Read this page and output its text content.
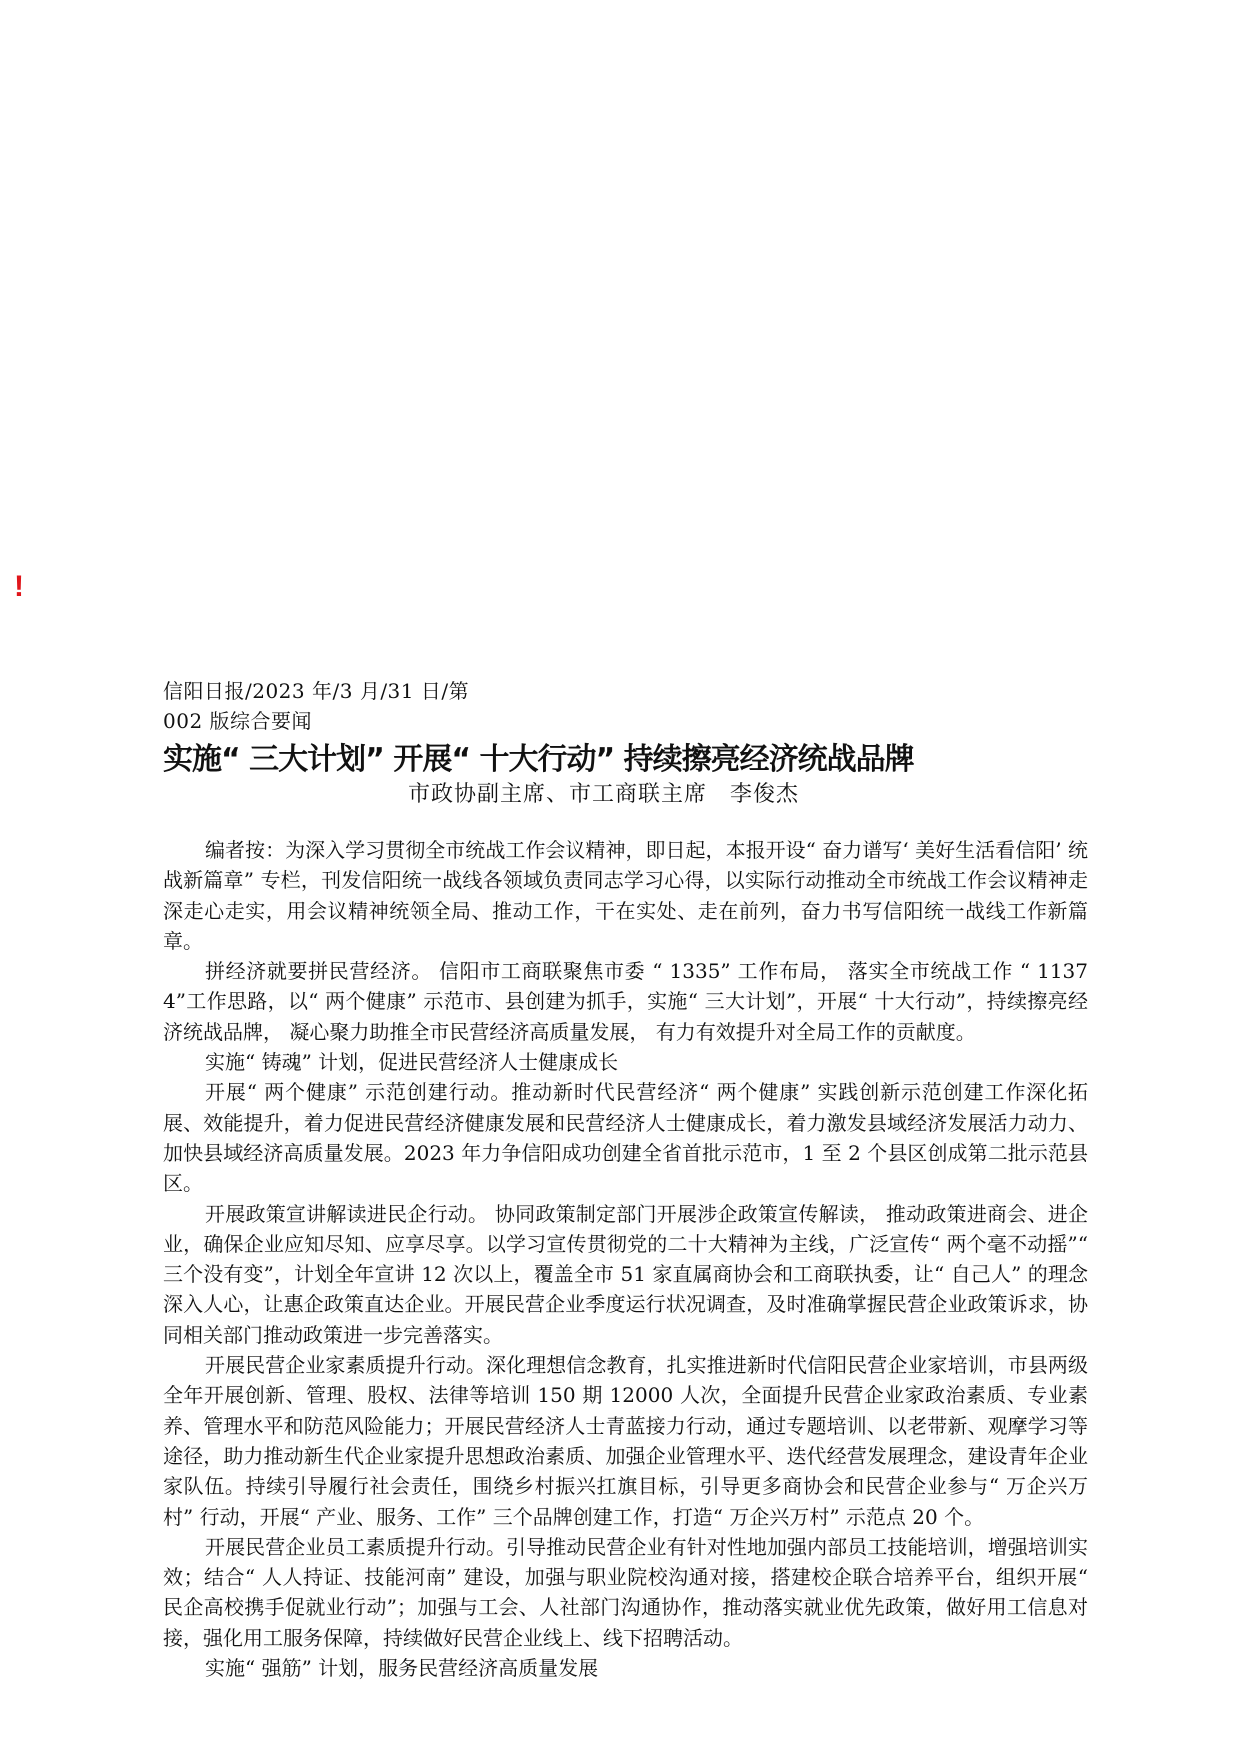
!
信阳日报/2023 年/3 月/31 日/第 002 版综合要闻
实施“ 三大计划” 开展“ 十大行动” 持续擦亮经济统战品牌
市政协副主席、市工商联主席　李俊杰

编者按：为深入学习贯彻全市统战工作会议精神，即日起，本报开设“ 奋力谱写‘ 美好生活看信阳’ 统战新篇章” 专栏，刊发信阳统一战线各领域负责同志学习心得，以实际行动推动全市统战工作会议精神走深走心走实，用会议精神统领全局、推动工作，干在实处、走在前列，奋力书写信阳统一战线工作新篇章。

拼经济就要拼民营经济。 信阳市工商联聚焦市委 “ 1335” 工作布局， 落实全市统战工作 “ 11374”工作思路，以“ 两个健康” 示范市、县创建为抓手，实施“ 三大计划”，开展“ 十大行动”，持续擦亮经济统战品牌， 凝心聚力助推全市民营经济高质量发展， 有力有效提升对全局工作的贡献度。

实施“ 铸魂” 计划，促进民营经济人士健康成长

开展“ 两个健康” 示范创建行动。推动新时代民营经济“ 两个健康” 实践创新示范创建工作深化拓展、效能提升，着力促进民营经济健康发展和民营经济人士健康成长，着力激发县域经济发展活力动力、加快县域经济高质量发展。2023 年力争信阳成功创建全省首批示范市，1 至 2 个县区创成第二批示范县区。

开展政策宣讲解读进民企行动。 协同政策制定部门开展涉企政策宣传解读， 推动政策进商会、进企业，确保企业应知尽知、应享尽享。以学习宣传贯彻党的二十大精神为主线，广泛宣传“ 两个毫不动摇”“ 三个没有变”，计划全年宣讲 12 次以上，覆盖全市 51 家直属商协会和工商联执委，让“ 自己人” 的理念深入人心，让惠企政策直达企业。开展民营企业季度运行状况调查，及时准确掌握民营企业政策诉求，协同相关部门推动政策进一步完善落实。

开展民营企业家素质提升行动。深化理想信念教育，扎实推进新时代信阳民营企业家培训，市县两级全年开展创新、管理、股权、法律等培训 150 期 12000 人次，全面提升民营企业家政治素质、专业素养、管理水平和防范风险能力；开展民营经济人士青蓝接力行动，通过专题培训、以老带新、观摩学习等途径，助力推动新生代企业家提升思想政治素质、加强企业管理水平、迭代经营发展理念，建设青年企业家队伍。持续引导履行社会责任，围绕乡村振兴扛旗目标，引导更多商协会和民营企业参与“ 万企兴万村” 行动，开展“ 产业、服务、工作” 三个品牌创建工作，打造“ 万企兴万村” 示范点 20 个。

开展民营企业员工素质提升行动。引导推动民营企业有针对性地加强内部员工技能培训，增强培训实效；结合“ 人人持证、技能河南” 建设，加强与职业院校沟通对接，搭建校企联合培养平台，组织开展“ 民企高校携手促就业行动”；加强与工会、人社部门沟通协作，推动落实就业优先政策，做好用工信息对接，强化用工服务保障，持续做好民营企业线上、线下招聘活动。

实施“ 强筋” 计划，服务民营经济高质量发展
